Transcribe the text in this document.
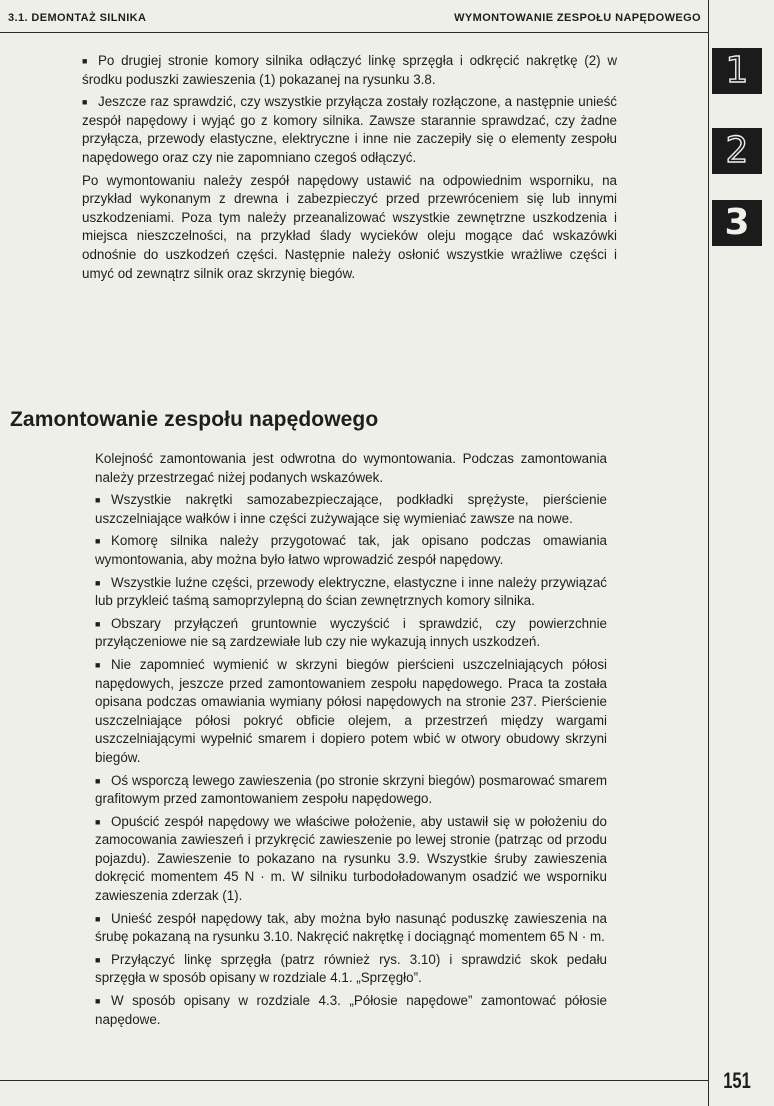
3.1. DEMONTAŻ SILNIKA	WYMONTOWANIE ZESPOŁU NAPĘDOWEGO
1
2
3

■ Po drugiej stronie komory silnika odłączyć linkę sprzęgła i odkręcić nakrętkę (2) w środku poduszki zawieszenia (1) pokazanej na rysunku 3.8.

■ Jeszcze raz sprawdzić, czy wszystkie przyłącza zostały rozłączone, a następnie unieść zespół napędowy i wyjąć go z komory silnika. Zawsze starannie sprawdzać, czy żadne przyłącza, przewody elastyczne, elektryczne i inne nie zaczepiły się o elementy zespołu napędowego oraz czy nie zapomniano czegoś odłączyć.

Po wymontowaniu należy zespół napędowy ustawić na odpowiednim wsporniku, na przykład wykonanym z drewna i zabezpieczyć przed przewróceniem się lub innymi uszkodzeniami. Poza tym należy przeanalizować wszystkie zewnętrzne uszkodzenia i miejsca nieszczelności, na przykład ślady wycieków oleju mogące dać wskazówki odnośnie do uszkodzeń części. Następnie należy osłonić wszystkie wrażliwe części i umyć od zewnątrz silnik oraz skrzynię biegów.

Zamontowanie zespołu napędowego

Kolejność zamontowania jest odwrotna do wymontowania. Podczas zamontowania należy przestrzegać niżej podanych wskazówek.

■ Wszystkie nakrętki samozabezpieczające, podkładki sprężyste, pierścienie uszczelniające wałków i inne części zużywające się wymieniać zawsze na nowe.

■ Komorę silnika należy przygotować tak, jak opisano podczas omawiania wymontowania, aby można było łatwo wprowadzić zespół napędowy.

■ Wszystkie luźne części, przewody elektryczne, elastyczne i inne należy przywiązać lub przykleić taśmą samoprzylepną do ścian zewnętrznych komory silnika.

■ Obszary przyłączeń gruntownie wyczyścić i sprawdzić, czy powierzchnie przyłączeniowe nie są zardzewiałe lub czy nie wykazują innych uszkodzeń.

■ Nie zapomnieć wymienić w skrzyni biegów pierścieni uszczelniających półosi napędowych, jeszcze przed zamontowaniem zespołu napędowego. Praca ta została opisana podczas omawiania wymiany półosi napędowych na stronie 237. Pierścienie uszczelniające półosi pokryć obficie olejem, a przestrzeń między wargami uszczelniającymi wypełnić smarem i dopiero potem wbić w otwory obudowy skrzyni biegów.

■ Oś wsporczą lewego zawieszenia (po stronie skrzyni biegów) posmarować smarem grafitowym przed zamontowaniem zespołu napędowego.

■ Opuścić zespół napędowy we właściwe położenie, aby ustawił się w położeniu do zamocowania zawieszeń i przykręcić zawieszenie po lewej stronie (patrząc od przodu pojazdu). Zawieszenie to pokazano na rysunku 3.9. Wszystkie śruby zawieszenia dokręcić momentem 45 N · m. W silniku turbodoładowanym osadzić we wsporniku zawieszenia zderzak (1).

■ Unieść zespół napędowy tak, aby można było nasunąć poduszkę zawieszenia na śrubę pokazaną na rysunku 3.10. Nakręcić nakrętkę i dociągnąć momentem 65 N · m.

■ Przyłączyć linkę sprzęgła (patrz również rys. 3.10) i sprawdzić skok pedału sprzęgła w sposób opisany w rozdziale 4.1. „Sprzęgło”.

■ W sposób opisany w rozdziale 4.3. „Półosie napędowe” zamontować półosie napędowe.

151
